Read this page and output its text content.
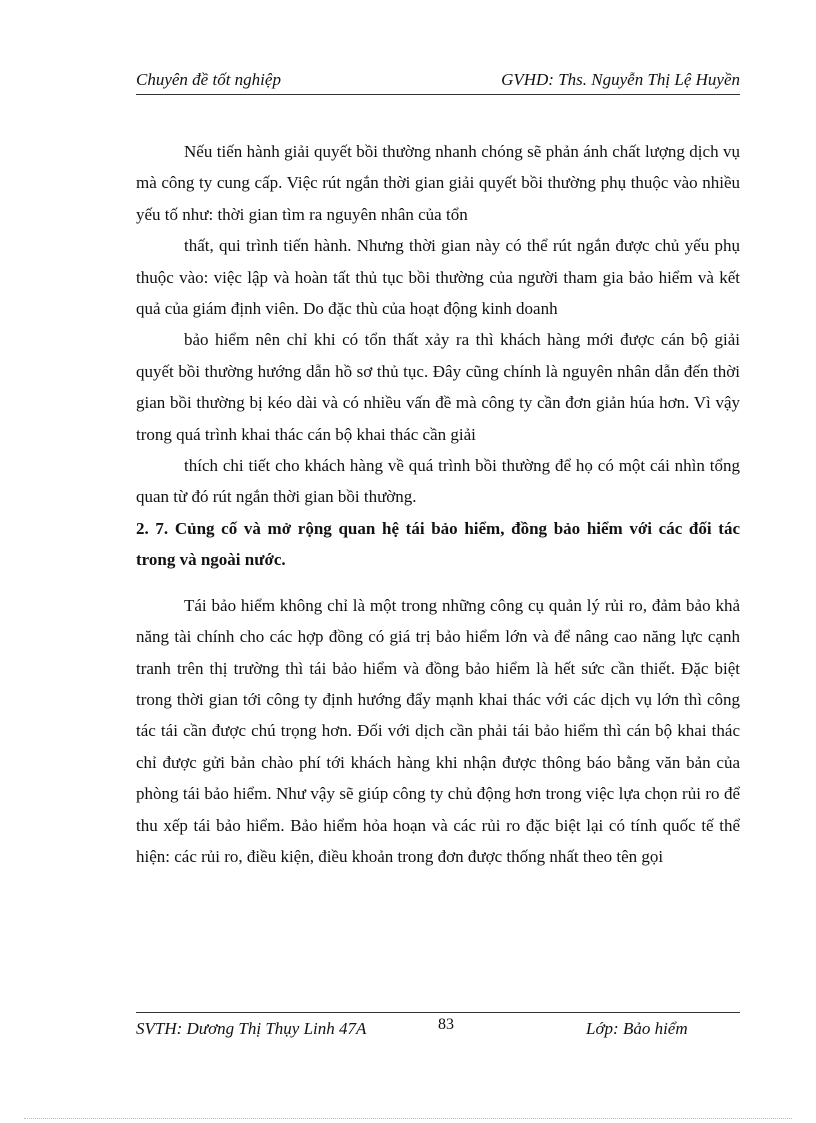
Chuyên đề tốt nghiệp	GVHD: Ths. Nguyễn Thị Lệ Huyền

Nếu tiến hành giải quyết bồi thường nhanh chóng sẽ phản ánh chất lượng dịch vụ mà công ty cung cấp. Việc rút ngắn thời gian giải quyết bồi thường phụ thuộc vào nhiều yếu tố như: thời gian tìm ra nguyên nhân của tổn

thất, qui trình tiến hành. Nhưng thời gian này có thể rút ngắn được chủ yếu phụ thuộc vào: việc lập và hoàn tất thủ tục bồi thường của người tham gia bảo hiểm và kết quả của giám định viên. Do đặc thù của hoạt động kinh doanh

bảo hiểm nên chỉ khi có tổn thất xảy ra thì khách hàng mới được cán bộ giải quyết bồi thường hướng dẫn hồ sơ thủ tục. Đây cũng chính là nguyên nhân dẫn đến thời gian bồi thường bị kéo dài và có nhiều vấn đề mà công ty cần đơn giản húa hơn. Vì vậy trong quá trình khai thác cán bộ khai thác cần giải

thích chi tiết cho khách hàng về quá trình bồi thường để họ có một cái nhìn tổng quan từ đó rút ngắn thời gian bồi thường.

2. 7. Củng cố và mở rộng quan hệ tái bảo hiểm, đồng bảo hiểm với các đối tác trong và ngoài nước.

Tái bảo hiểm không chỉ là một trong những công cụ quản lý rủi ro, đảm bảo khả năng tài chính cho các hợp đồng có giá trị bảo hiểm lớn và để nâng cao năng lực cạnh tranh trên thị trường thì tái bảo hiểm và đồng bảo hiểm là hết sức cần thiết. Đặc biệt trong thời gian tới công ty định hướng đẩy mạnh khai thác với các dịch vụ lớn thì công tác tái cần được chú trọng hơn. Đối với dịch cần phải tái bảo hiểm thì cán bộ khai thác chỉ được gửi bản chào phí tới khách hàng khi nhận được thông báo bằng văn bản của phòng tái bảo hiểm. Như vậy sẽ giúp công ty chủ động hơn trong việc lựa chọn rủi ro để thu xếp tái bảo hiểm. Bảo hiểm hỏa hoạn và các rủi ro đặc biệt lại có tính quốc tế thể hiện: các rủi ro, điều kiện, điều khoản trong đơn được thống nhất theo tên gọi

SVTH: Dương Thị Thụy Linh 47A	83	Lớp: Bảo hiểm
